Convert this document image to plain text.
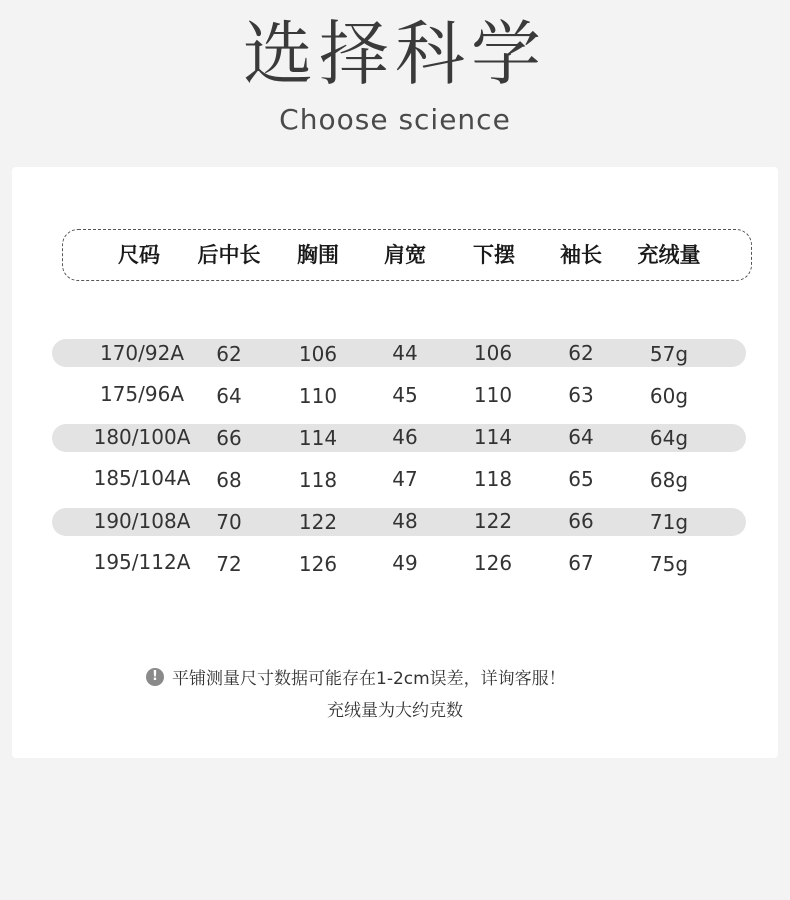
选择科学
Choose science
尺码	后中长	胸围	肩宽	下摆	袖长	充绒量
170/92A	62	106	44	106	62	57g
175/96A	64	110	45	110	63	60g
180/100A	66	114	46	114	64	64g
185/104A	68	118	47	118	65	68g
190/108A	70	122	48	122	66	71g
195/112A	72	126	49	126	67	75g
! 平铺测量尺寸数据可能存在1-2cm误差，详询客服！
充绒量为大约克数
